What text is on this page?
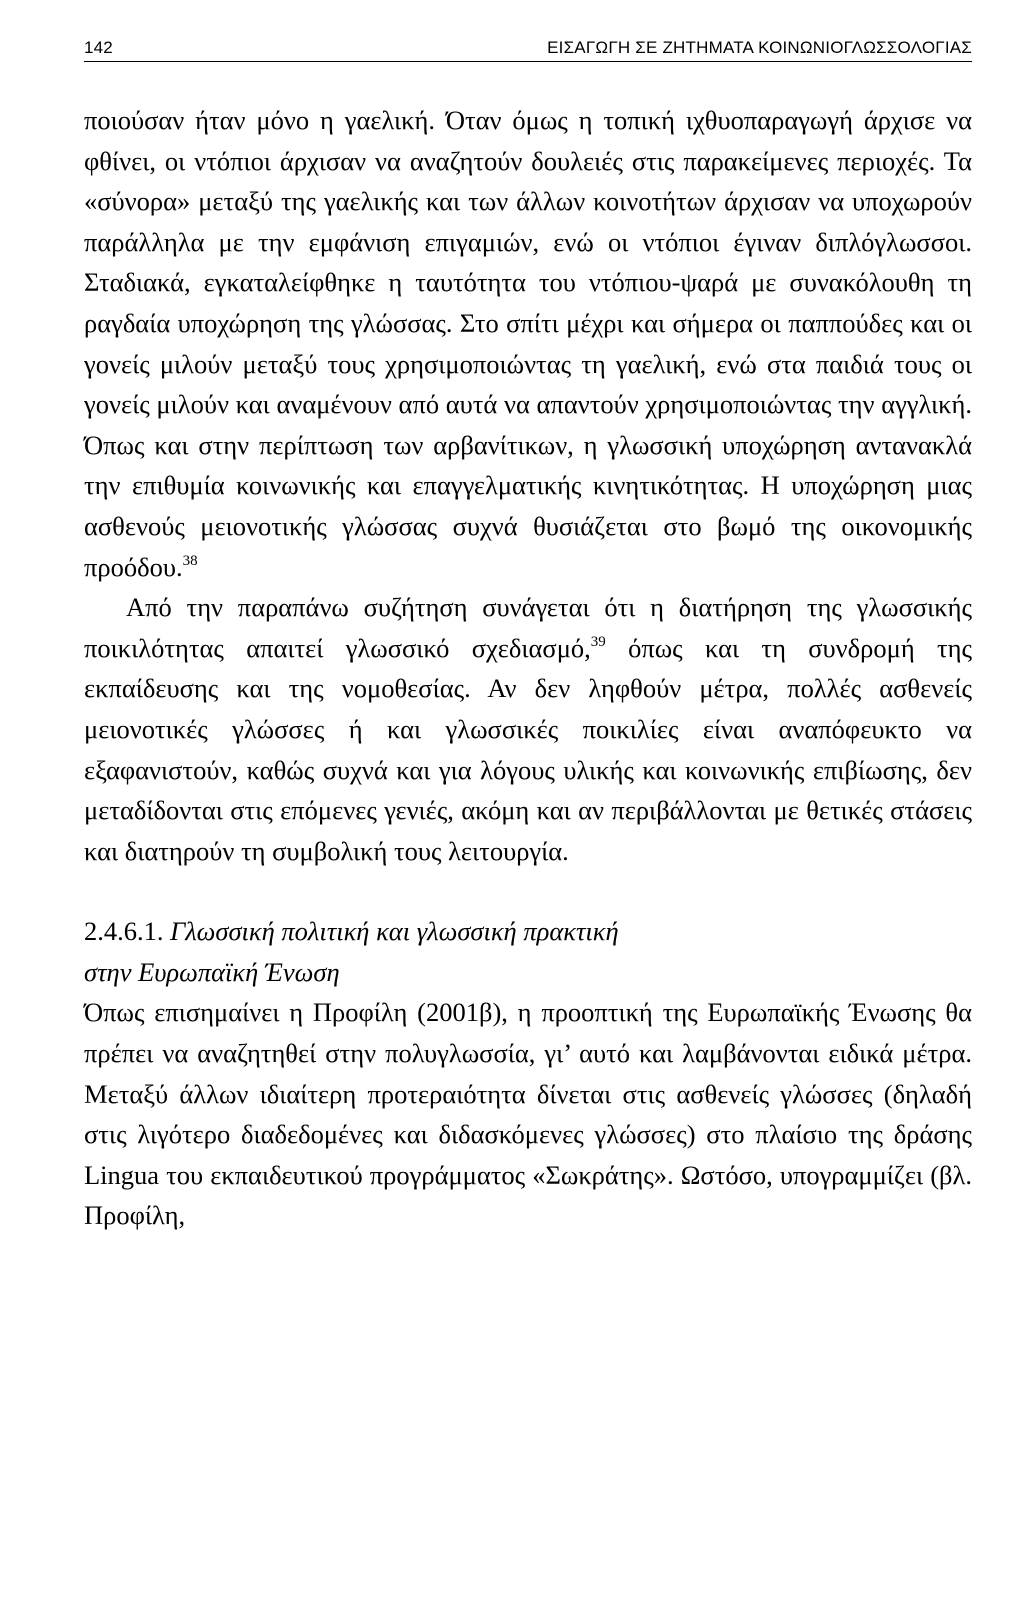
142	ΕΙΣΑΓΩΓΗ ΣΕ ΖΗΤΗΜΑΤΑ ΚΟΙΝΩΝΙΟΓΛΩΣΣΟΛΟΓΙΑΣ

ποιούσαν ήταν μόνο η γαελική. Όταν όμως η τοπική ιχθυοπαραγωγή άρχισε να φθίνει, οι ντόπιοι άρχισαν να αναζητούν δουλειές στις παρακείμενες περιοχές. Τα «σύνορα» μεταξύ της γαελικής και των άλλων κοινοτήτων άρχισαν να υποχωρούν παράλληλα με την εμφάνιση επιγαμιών, ενώ οι ντόπιοι έγιναν διπλόγλωσσοι. Σταδιακά, εγκαταλείφθηκε η ταυτότητα του ντόπιου-ψαρά με συνακόλουθη τη ραγδαία υποχώρηση της γλώσσας. Στο σπίτι μέχρι και σήμερα οι παππούδες και οι γονείς μιλούν μεταξύ τους χρησιμοποιώντας τη γαελική, ενώ στα παιδιά τους οι γονείς μιλούν και αναμένουν από αυτά να απαντούν χρησιμοποιώντας την αγγλική. Όπως και στην περίπτωση των αρβανίτικων, η γλωσσική υποχώρηση αντανακλά την επιθυμία κοινωνικής και επαγγελματικής κινητικότητας. Η υποχώρηση μιας ασθενούς μειονοτικής γλώσσας συχνά θυσιάζεται στο βωμό της οικονομικής προόδου.$^{38}$

Από την παραπάνω συζήτηση συνάγεται ότι η διατήρηση της γλωσσικής ποικιλότητας απαιτεί γλωσσικό σχεδιασμό,$^{39}$ όπως και τη συνδρομή της εκπαίδευσης και της νομοθεσίας. Αν δεν ληφθούν μέτρα, πολλές ασθενείς μειονοτικές γλώσσες ή και γλωσσικές ποικιλίες είναι αναπόφευκτο να εξαφανιστούν, καθώς συχνά και για λόγους υλικής και κοινωνικής επιβίωσης, δεν μεταδίδονται στις επόμενες γενιές, ακόμη και αν περιβάλλονται με θετικές στάσεις και διατηρούν τη συμβολική τους λειτουργία.

2.4.6.1. Γλωσσική πολιτική και γλωσσική πρακτική
στην Ευρωπαϊκή Ένωση

Όπως επισημαίνει η Προφίλη (2001β), η προοπτική της Ευρωπαϊκής Ένωσης θα πρέπει να αναζητηθεί στην πολυγλωσσία, γι’ αυτό και λαμβάνονται ειδικά μέτρα. Μεταξύ άλλων ιδιαίτερη προτεραιότητα δίνεται στις ασθενείς γλώσσες (δηλαδή στις λιγότερο διαδεδομένες και διδασκόμενες γλώσσες) στο πλαίσιο της δράσης Lingua του εκπαιδευτικού προγράμματος «Σωκράτης». Ωστόσο, υπογραμμίζει (βλ. Προφίλη,
